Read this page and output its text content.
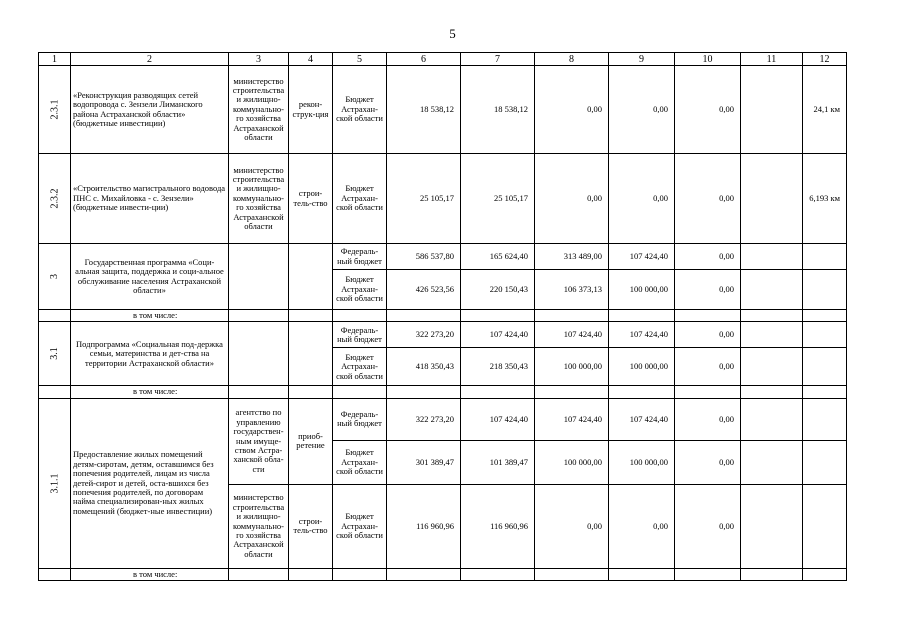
5
1	2	3	4	5	6	7	8	9	10	11	12
2.3.1	«Реконструкция разводящих сетей водопровода с. Зензели Лиманского района Астраханской области» (бюджетные инвестиции)	министерство строительства и жилищно-коммунально-го хозяйства Астраханской области	рекон-струк-ция	Бюджет Астрахан-ской области	18 538,12	18 538,12	0,00	0,00	0,00		24,1 км
2.3.2	«Строительство магистрального водовода ПНС с. Михайловка - с. Зензели» (бюджетные инвести-ции)	министерство строительства и жилищно-коммунально-го хозяйства Астраханской области	строи-тель-ство	Бюджет Астрахан-ской области	25 105,17	25 105,17	0,00	0,00	0,00		6,193 км
3	Государственная программа «Соци-альная защита, поддержка и соци-альное обслуживание населения Астраханской области»			Федераль-ный бюджет	586 537,80	165 624,40	313 489,00	107 424,40	0,00		
				Бюджет Астрахан-ской области	426 523,56	220 150,43	106 373,13	100 000,00	0,00		
	в том числе:										
3.1	Подпрограмма «Социальная под-держка семьи, материнства и дет-ства на территории Астраханской области»			Федераль-ный бюджет	322 273,20	107 424,40	107 424,40	107 424,40	0,00		
				Бюджет Астрахан-ской области	418 350,43	218 350,43	100 000,00	100 000,00	0,00		
	в том числе:										
3.1.1	Предоставление жилых помещений детям-сиротам, детям, оставшимся без попечения родителей, лицам из числа детей-сирот и детей, оста-вшихся без попечения родителей, по договорам найма специализирован-ных жилых помещений (бюджет-ные инвестиции)	агентство по управлению государствен-ным имуще-ством Астра-ханской обла-сти	приоб-ретение	Федераль-ный бюджет	322 273,20	107 424,40	107 424,40	107 424,40	0,00		
				Бюджет Астрахан-ской области	301 389,47	101 389,47	100 000,00	100 000,00	0,00		
		министерство строительства и жилищно-коммунально-го хозяйства Астраханской области	строи-тель-ство	Бюджет Астрахан-ской области	116 960,96	116 960,96	0,00	0,00	0,00		
	в том числе:										
